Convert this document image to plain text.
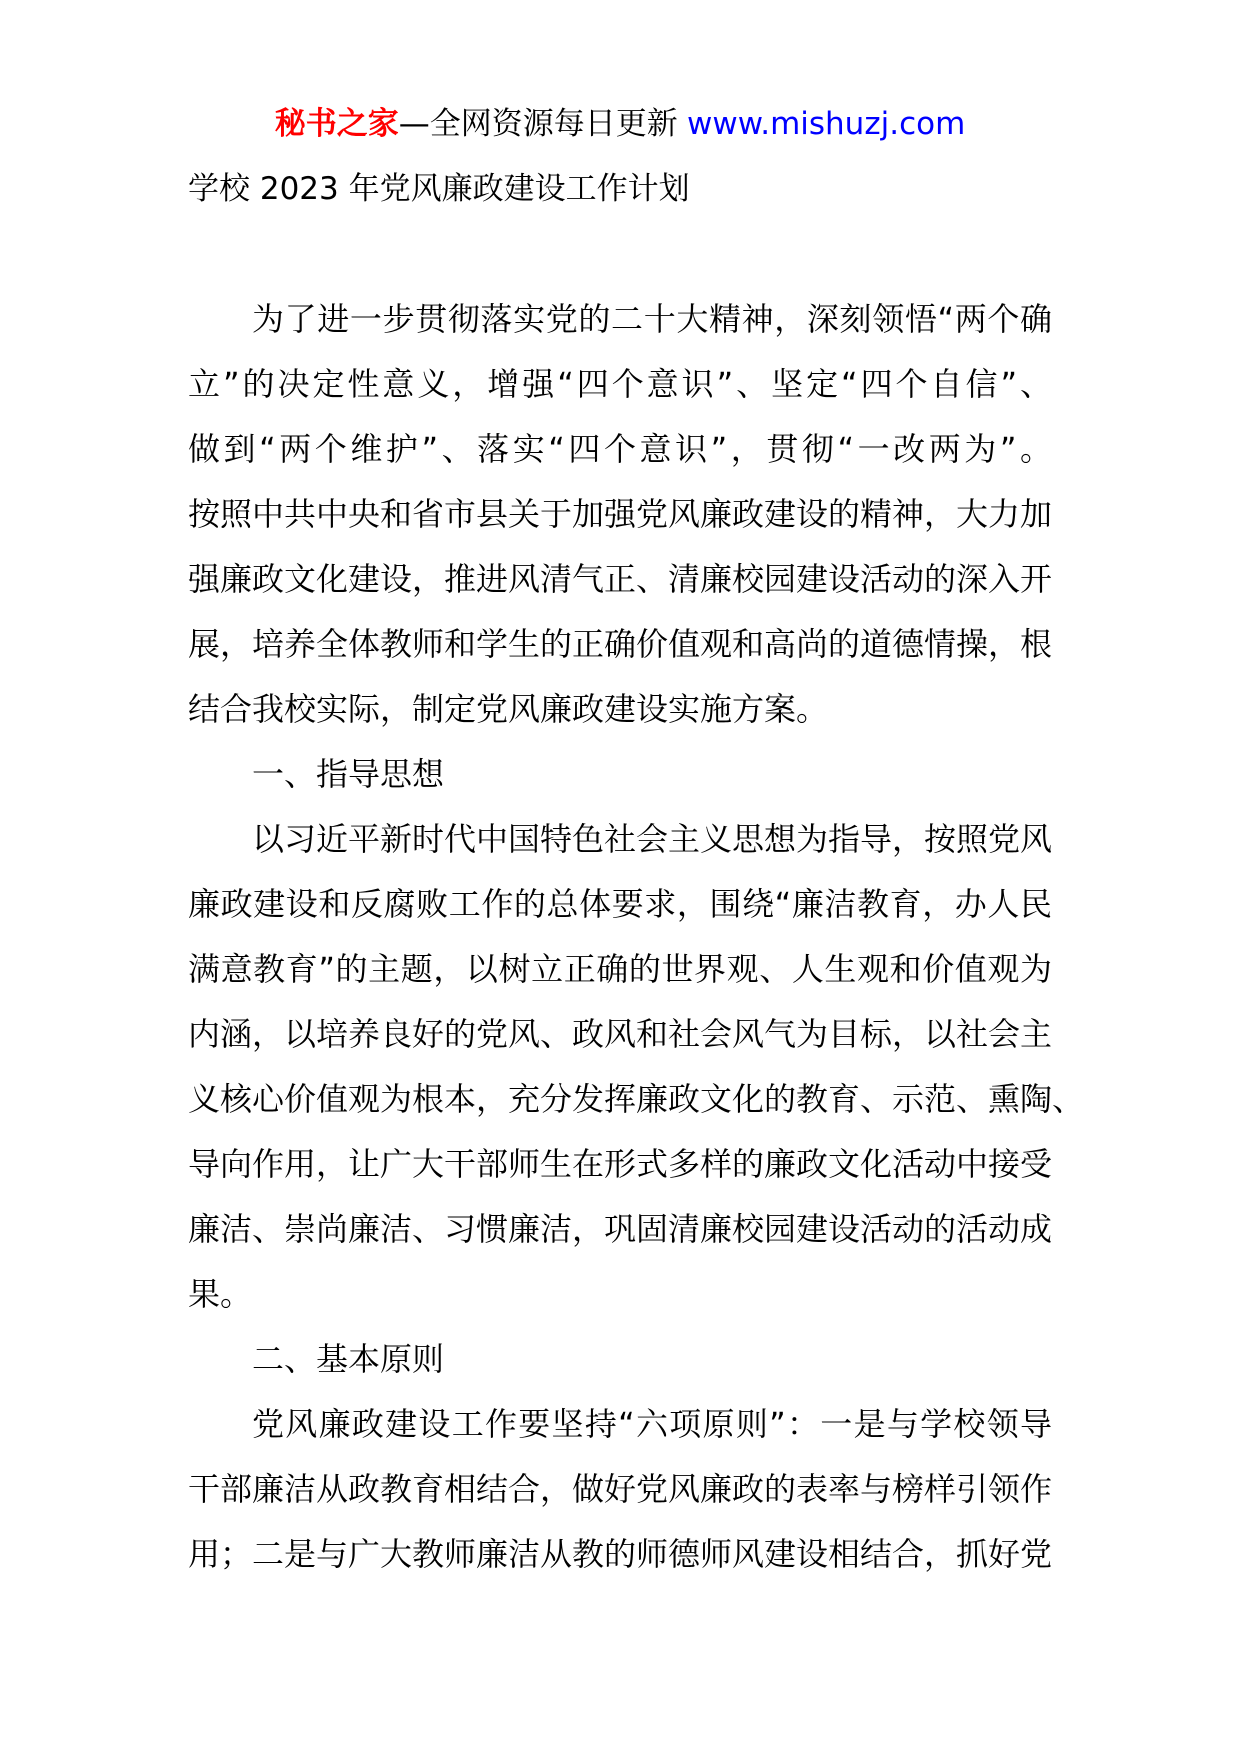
秘书之家—全网资源每日更新 www.mishuzj.com
学校 2023 年党风廉政建设工作计划
为了进一步贯彻落实党的二十大精神，深刻领悟“两个确
立”的决定性意义，增强“四个意识”、坚定“四个自信”、
做到“两个维护”、落实“四个意识”，贯彻“一改两为”。
按照中共中央和省市县关于加强党风廉政建设的精神，大力加
强廉政文化建设，推进风清气正、清廉校园建设活动的深入开
展，培养全体教师和学生的正确价值观和高尚的道德情操，根
结合我校实际，制定党风廉政建设实施方案。
一、指导思想
以习近平新时代中国特色社会主义思想为指导，按照党风
廉政建设和反腐败工作的总体要求，围绕“廉洁教育，办人民
满意教育”的主题，以树立正确的世界观、人生观和价值观为
内涵，以培养良好的党风、政风和社会风气为目标，以社会主
义核心价值观为根本，充分发挥廉政文化的教育、示范、熏陶、
导向作用，让广大干部师生在形式多样的廉政文化活动中接受
廉洁、崇尚廉洁、习惯廉洁，巩固清廉校园建设活动的活动成
果。
二、基本原则
党风廉政建设工作要坚持“六项原则”：一是与学校领导
干部廉洁从政教育相结合，做好党风廉政的表率与榜样引领作
用；二是与广大教师廉洁从教的师德师风建设相结合，抓好党
